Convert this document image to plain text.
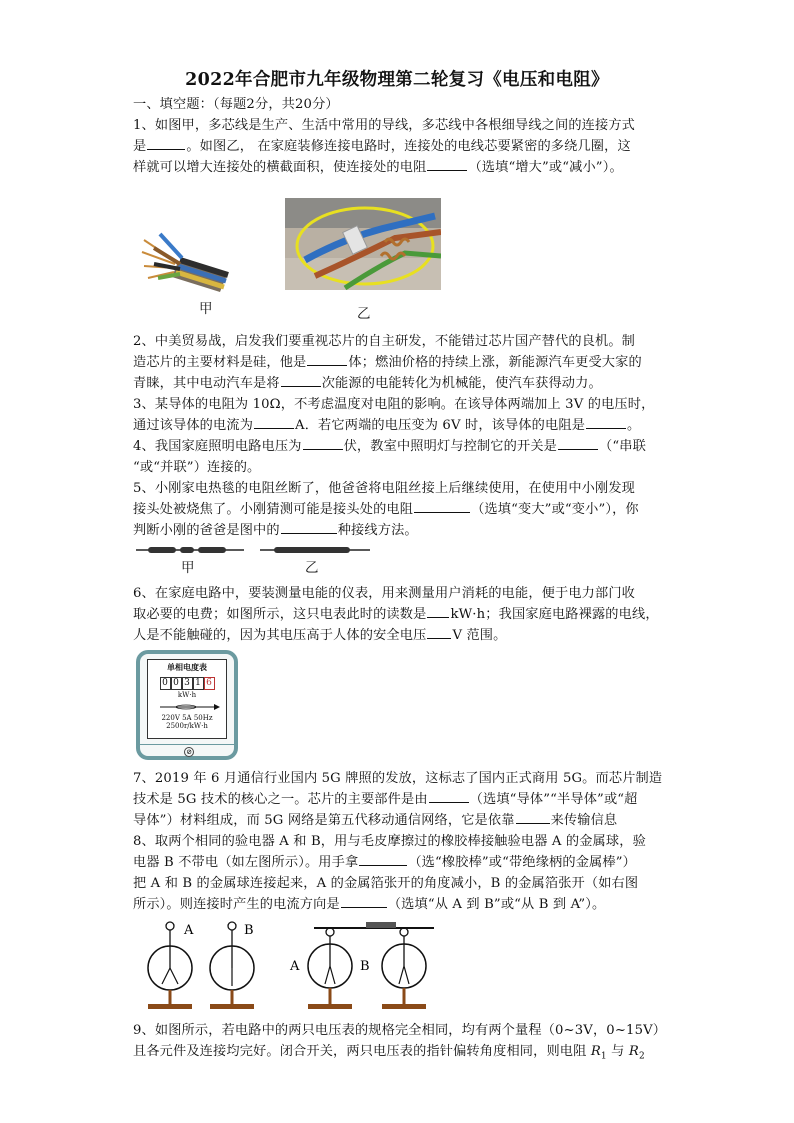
2022年合肥市九年级物理第二轮复习《电压和电阻》
一、填空题：（每题2分，共20分）
1、如图甲，多芯线是生产、生活中常用的导线，多芯线中各根细导线之间的连接方式
是	。如图乙， 在家庭装修连接电路时，连接处的电线芯要紧密的多绕几圈，这
样就可以增大连接处的横截面积，使连接处的电阻	（选填“增大”或“减小”）。
甲	乙
2、中美贸易战，启发我们要重视芯片的自主研发，不能错过芯片国产替代的良机。制
造芯片的主要材料是硅，他是	体；燃油价格的持续上涨，新能源汽车更受大家的
青睐，其中电动汽车是将	次能源的电能转化为机械能，使汽车获得动力。
3、某导体的电阻为 10Ω，不考虑温度对电阻的影响。在该导体两端加上 3V 的电压时，
通过该导体的电流为	A．若它两端的电压变为 6V 时，该导体的电阻是	。
4、我国家庭照明电路电压为	伏，教室中照明灯与控制它的开关是	（“串联
“或“并联”）连接的。
5、小刚家电热毯的电阻丝断了，他爸爸将电阻丝接上后继续使用，在使用中小刚发现
接头处被烧焦了。小刚猜测可能是接头处的电阻	（选填“变大”或“变小”），你
判断小刚的爸爸是图中的	种接线方法。
甲	乙
6、在家庭电路中，要装测量电能的仪表，用来测量用户消耗的电能，便于电力部门收
取必要的电费；如图所示，这只电表此时的读数是 kW·h；我国家庭电路裸露的电线，
人是不能触碰的，因为其电压高于人体的安全电压 V 范围。
单相电度表
0 0 3 1 6
kW·h
220V 5A 50Hz
2500r/kW·h
⊘
7、2019 年 6 月通信行业国内 5G 牌照的发放，这标志了国内正式商用 5G。而芯片制造
技术是 5G 技术的核心之一。芯片的主要部件是由	（选填“导体”“半导体”或“超
导体”）材料组成，而 5G 网络是第五代移动通信网络，它是依靠	来传输信息
8、取两个相同的验电器 A 和 B，用与毛皮摩擦过的橡胶棒接触验电器 A 的金属球，验
电器 B 不带电（如左图所示）。用手拿	（选“橡胶棒”或“带绝缘柄的金属棒”）
把 A 和 B 的金属球连接起来，A 的金属箔张开的角度减小，B 的金属箔张开（如右图
所示）。则连接时产生的电流方向是	（选填“从 A 到 B”或“从 B 到 A”）。
A	B
A	B
9、如图所示，若电路中的两只电压表的规格完全相同，均有两个量程（0~3V，0~15V）
且各元件及连接均完好。闭合开关，两只电压表的指针偏转角度相同，则电阻 $R_1$ 与 $R_2$
